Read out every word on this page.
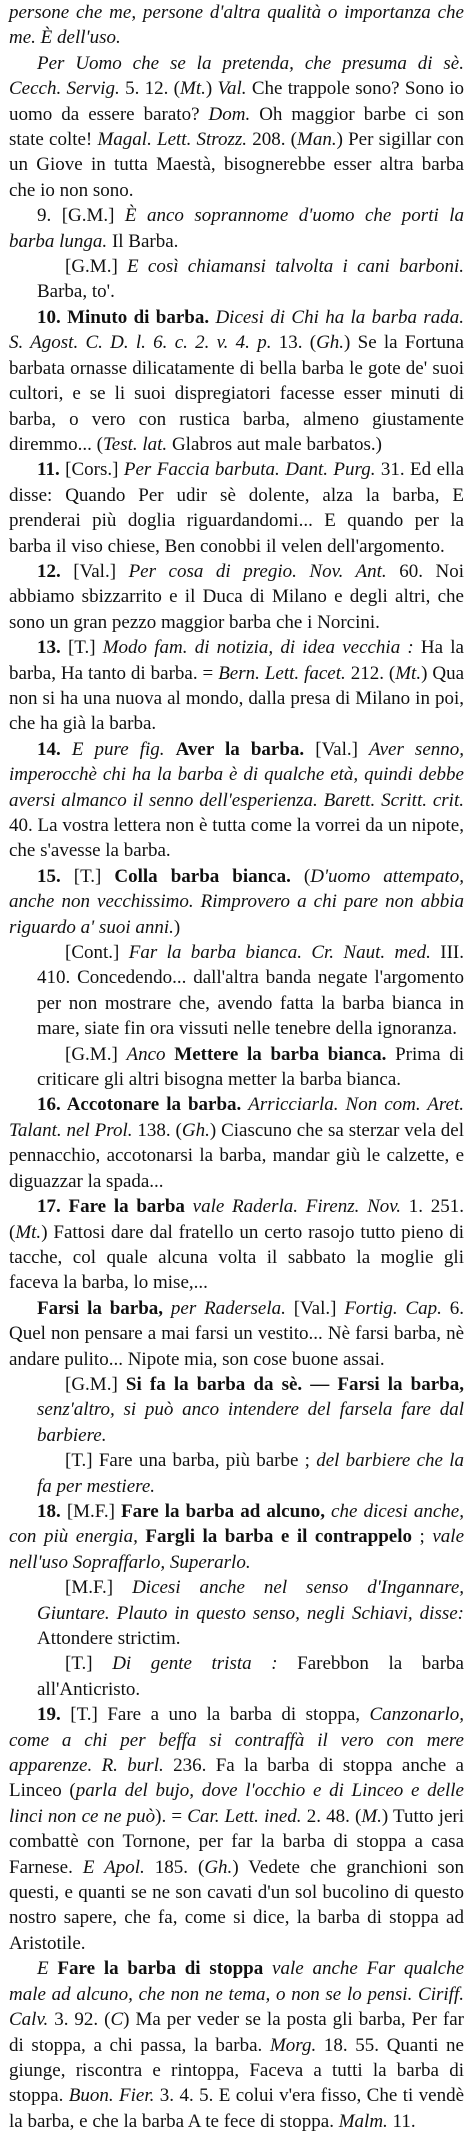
persone che me, persone d'altra qualità o importanza che me. È dell'uso.

Per Uomo che se la pretenda, che presuma di sè. Cecch. Servig. 5. 12. (Mt.) Val. Che trappole sono? Sono io uomo da essere barato? Dom. Oh maggior barbe ci son state colte! Magal. Lett. Strozz. 208. (Man.) Per sigillar con un Giove in tutta Maestà, bisognerebbe esser altra barba che io non sono.

9. [G.M.] È anco soprannome d'uomo che porti la barba lunga. Il Barba.

[G.M.] E così chiamansi talvolta i cani barboni. Barba, to'.

10. Minuto di barba. Dicesi di Chi ha la barba rada. S. Agost. C. D. l. 6. c. 2. v. 4. p. 13. (Gh.) Se la Fortuna barbata ornasse dilicatamente di bella barba le gote de' suoi cultori, e se li suoi dispregiatori facesse esser minuti di barba, o vero con rustica barba, almeno giustamente diremmo... (Test. lat. Glabros aut male barbatos.)

11. [Cors.] Per Faccia barbuta. Dant. Purg. 31. Ed ella disse: Quando Per udir sè dolente, alza la barba, E prenderai più doglia riguardandomi... E quando per la barba il viso chiese, Ben conobbi il velen dell'argomento.

12. [Val.] Per cosa di pregio. Nov. Ant. 60. Noi abbiamo sbizzarrito e il Duca di Milano e degli altri, che sono un gran pezzo maggior barba che i Norcini.

13. [T.] Modo fam. di notizia, di idea vecchia : Ha la barba, Ha tanto di barba. = Bern. Lett. facet. 212. (Mt.) Qua non si ha una nuova al mondo, dalla presa di Milano in poi, che ha già la barba.

14. E pure fig. Aver la barba. [Val.] Aver senno, imperocchè chi ha la barba è di qualche età, quindi debbe aversi almanco il senno dell'esperienza. Barett. Scritt. crit. 40. La vostra lettera non è tutta come la vorrei da un nipote, che s'avesse la barba.

15. [T.] Colla barba bianca. (D'uomo attempato, anche non vecchissimo. Rimprovero a chi pare non abbia riguardo a' suoi anni.)

[Cont.] Far la barba bianca. Cr. Naut. med. III. 410. Concedendo... dall'altra banda negate l'argomento per non mostrare che, avendo fatta la barba bianca in mare, siate fin ora vissuti nelle tenebre della ignoranza.

[G.M.] Anco Mettere la barba bianca. Prima di criticare gli altri bisogna metter la barba bianca.

16. Accotonare la barba. Arricciarla. Non com. Aret. Talant. nel Prol. 138. (Gh.) Ciascuno che sa sterzar vela del pennacchio, accotonarsi la barba, mandar giù le calzette, e diguazzar la spada...

17. Fare la barba vale Raderla. Firenz. Nov. 1. 251. (Mt.) Fattosi dare dal fratello un certo rasojo tutto pieno di tacche, col quale alcuna volta il sabbato la moglie gli faceva la barba, lo mise,...

Farsi la barba, per Radersela. [Val.] Fortig. Cap. 6. Quel non pensare a mai farsi un vestito... Nè farsi barba, nè andare pulito... Nipote mia, son cose buone assai.

[G.M.] Si fa la barba da sè. — Farsi la barba, senz'altro, si può anco intendere del farsela fare dal barbiere.

[T.] Fare una barba, più barbe ; del barbiere che la fa per mestiere.

18. [M.F.] Fare la barba ad alcuno, che dicesi anche, con più energia, Fargli la barba e il contrappelo ; vale nell'uso Sopraffarlo, Superarlo.

[M.F.] Dicesi anche nel senso d'Ingannare, Giuntare. Plauto in questo senso, negli Schiavi, disse: Attondere strictim.

[T.] Di gente trista : Farebbon la barba all'Anticristo.

19. [T.] Fare a uno la barba di stoppa, Canzonarlo, come a chi per beffa si contraffà il vero con mere apparenze. R. burl. 236. Fa la barba di stoppa anche a Linceo (parla del bujo, dove l'occhio e di Linceo e delle linci non ce ne può). = Car. Lett. ined. 2. 48. (M.) Tutto jeri combattè con Tornone, per far la barba di stoppa a casa Farnese. E Apol. 185. (Gh.) Vedete che granchioni son questi, e quanti se ne son cavati d'un sol bucolino di questo nostro sapere, che fa, come si dice, la barba di stoppa ad Aristotile.

E Fare la barba di stoppa vale anche Far qualche male ad alcuno, che non ne tema, o non se lo pensi. Ciriff. Calv. 3. 92. (C) Ma per veder se la posta gli barba, Per far di stoppa, a chi passa, la barba. Morg. 18. 55. Quanti ne giunge, riscontra e rintoppa, Faceva a tutti la barba di stoppa. Buon. Fier. 3. 4. 5. E colui v'era fisso, Che ti vendè la barba, e che la barba A te fece di stoppa. Malm. 11.
